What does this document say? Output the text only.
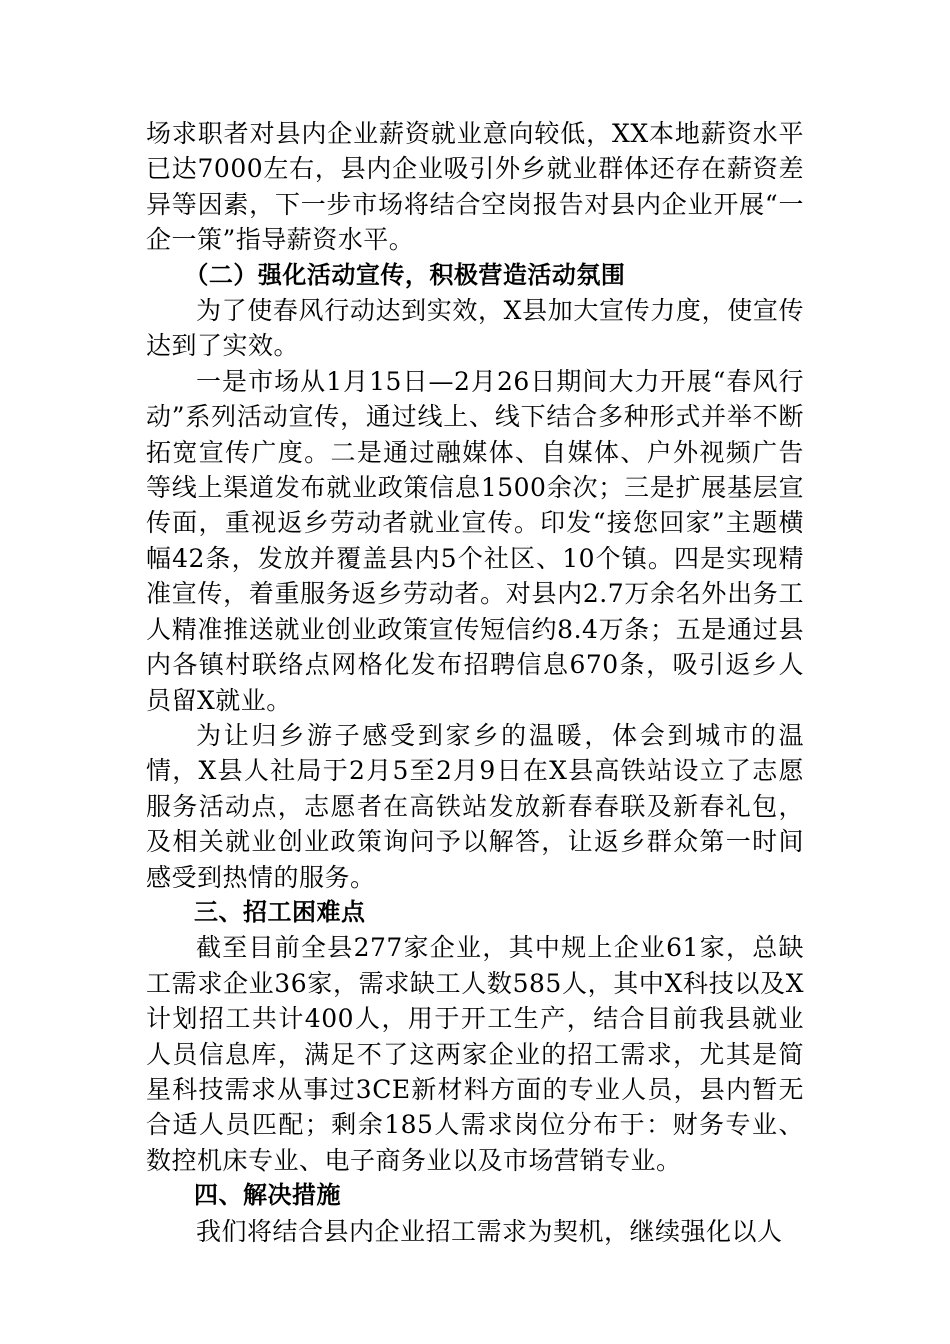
场求职者对县内企业薪资就业意向较低，XX本地薪资水平已达7000左右，县内企业吸引外乡就业群体还存在薪资差异等因素，下一步市场将结合空岗报告对县内企业开展“一企一策”指导薪资水平。

（二）强化活动宣传，积极营造活动氛围

为了使春风行动达到实效，X县加大宣传力度，使宣传达到了实效。

一是市场从1月15日—2月26日期间大力开展“春风行动”系列活动宣传，通过线上、线下结合多种形式并举不断拓宽宣传广度。二是通过融媒体、自媒体、户外视频广告等线上渠道发布就业政策信息1500余次；三是扩展基层宣传面，重视返乡劳动者就业宣传。印发“接您回家”主题横幅42条，发放并覆盖县内5个社区、10个镇。四是实现精准宣传，着重服务返乡劳动者。对县内2.7万余名外出务工人精准推送就业创业政策宣传短信约8.4万条；五是通过县内各镇村联络点网格化发布招聘信息670条，吸引返乡人员留X就业。

为让归乡游子感受到家乡的温暖，体会到城市的温情，X县人社局于2月5至2月9日在X县高铁站设立了志愿服务活动点，志愿者在高铁站发放新春春联及新春礼包，及相关就业创业政策询问予以解答，让返乡群众第一时间感受到热情的服务。

三、招工困难点

截至目前全县277家企业，其中规上企业61家，总缺工需求企业36家，需求缺工人数585人，其中X科技以及X计划招工共计400人，用于开工生产，结合目前我县就业人员信息库，满足不了这两家企业的招工需求，尤其是简星科技需求从事过3CE新材料方面的专业人员，县内暂无合适人员匹配；剩余185人需求岗位分布于：财务专业、数控机床专业、电子商务业以及市场营销专业。

四、解决措施

我们将结合县内企业招工需求为契机，继续强化以人
